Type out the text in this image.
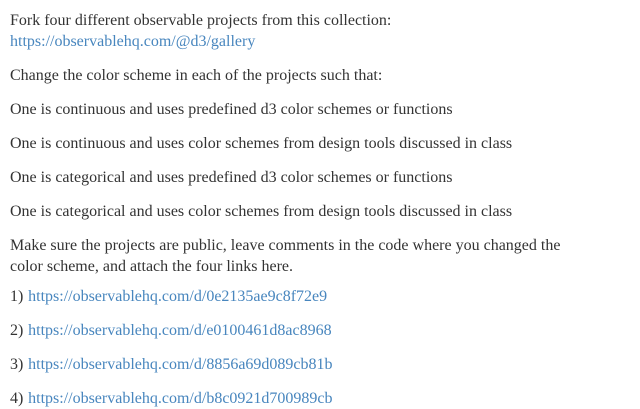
Fork four different observable projects from this collection:
https://observablehq.com/@d3/gallery

Change the color scheme in each of the projects such that:

One is continuous and uses predefined d3 color schemes or functions

One is continuous and uses color schemes from design tools discussed in class

One is categorical and uses predefined d3 color schemes or functions

One is categorical and uses color schemes from design tools discussed in class

Make sure the projects are public, leave comments in the code where you changed the color scheme, and attach the four links here.

1) https://observablehq.com/d/0e2135ae9c8f72e9

2) https://observablehq.com/d/e0100461d8ac8968

3) https://observablehq.com/d/8856a69d089cb81b

4) https://observablehq.com/d/b8c0921d700989cb
